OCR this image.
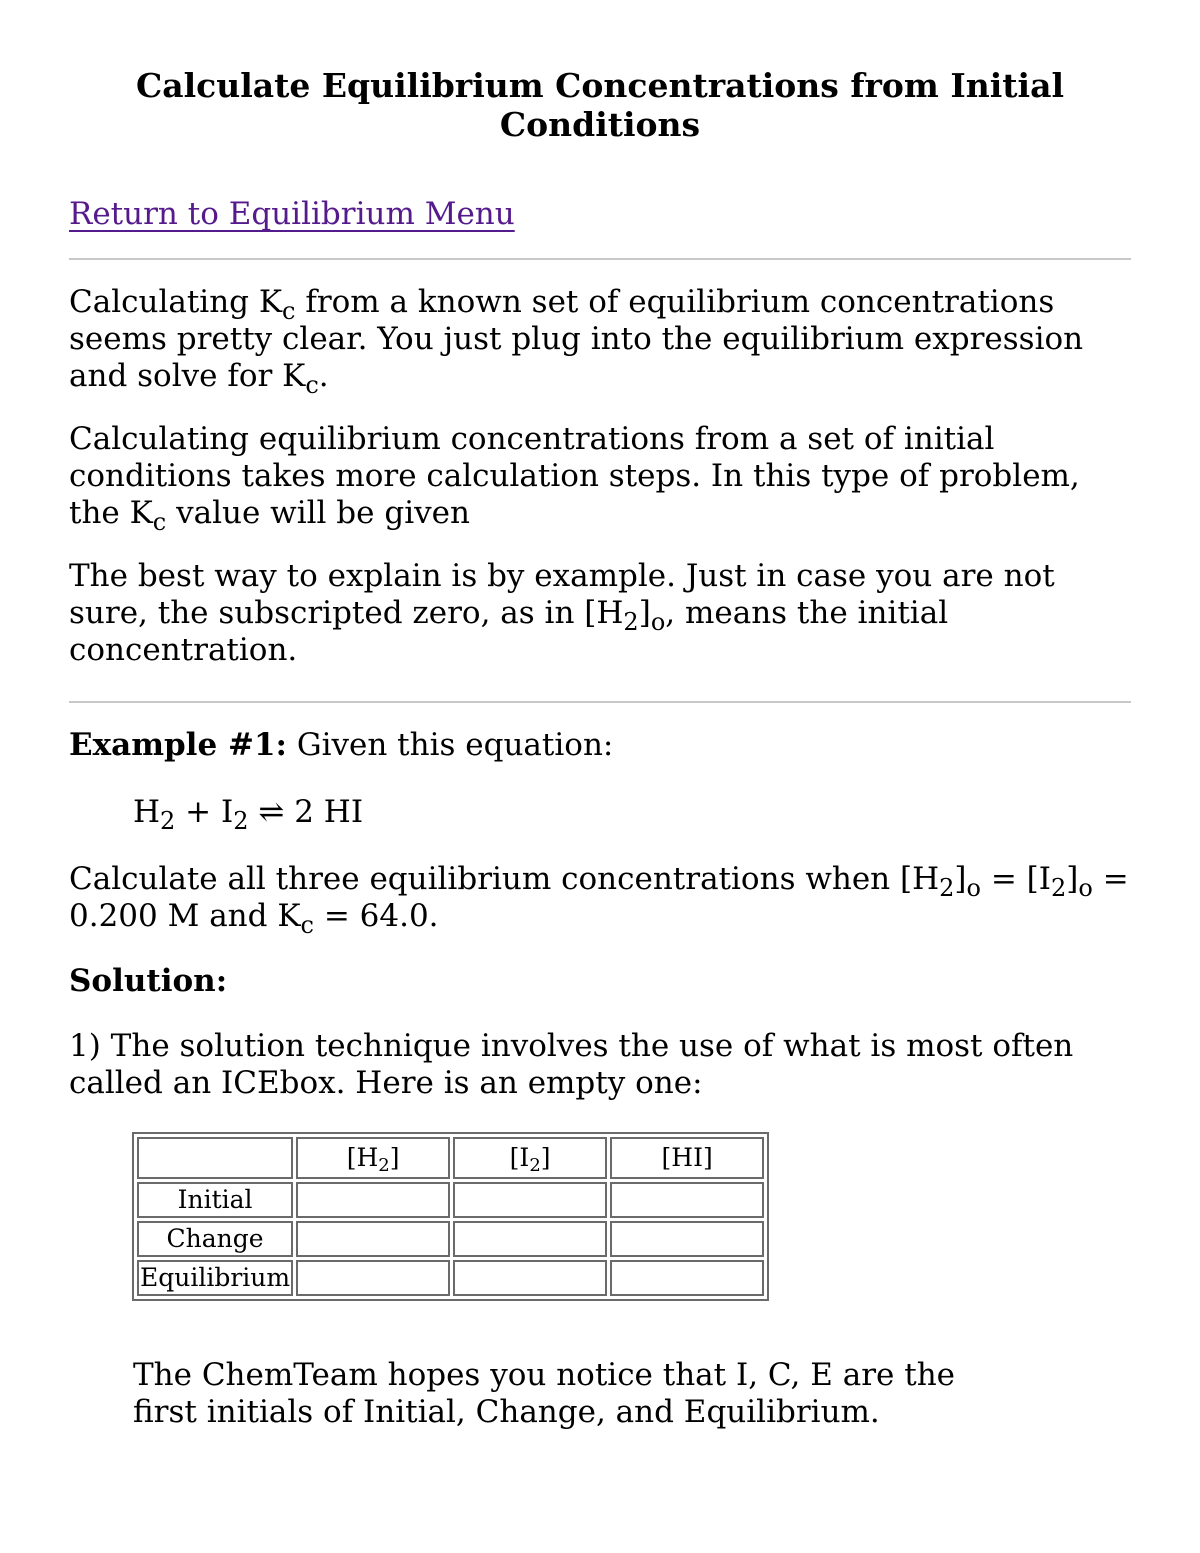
Calculate Equilibrium Concentrations from Initial Conditions
Return to Equilibrium Menu

Calculating $K_c$ from a known set of equilibrium concentrations seems pretty clear. You just plug into the equilibrium expression and solve for $K_c$.

Calculating equilibrium concentrations from a set of initial conditions takes more calculation steps. In this type of problem, the $K_c$ value will be given

The best way to explain is by example. Just in case you are not sure, the subscripted zero, as in $[H_2]_o$, means the initial concentration.

Example #1: Given this equation:

$H_2 + I_2$ ⇌ 2 HI

Calculate all three equilibrium concentrations when $[H_2]_o = [I_2]_o = 0.200$ M and $K_c = 64.0$.

Solution:

1) The solution technique involves the use of what is most often called an ICEbox. Here is an empty one:

	$[H_2]$	$[I_2]$	[HI]
Initial			
Change			
Equilibrium			

The ChemTeam hopes you notice that I, C, E are the first initials of Initial, Change, and Equilibrium.
